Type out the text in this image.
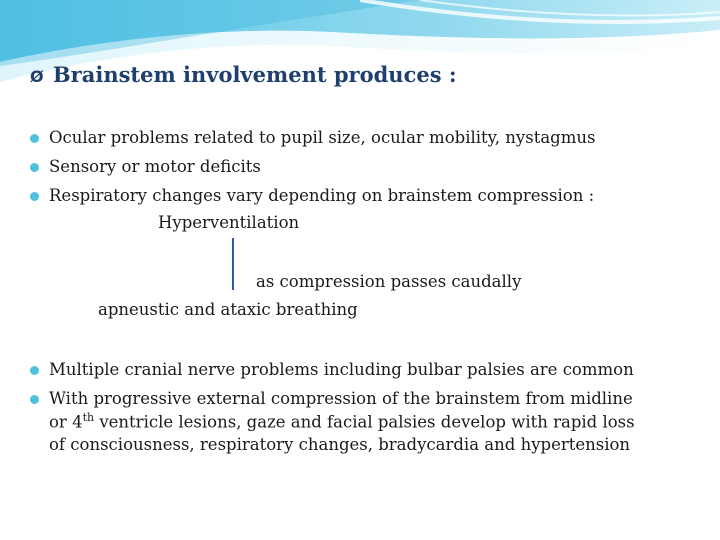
Ø Brainstem involvement produces :
Ocular problems related to pupil size, ocular mobility, nystagmus
Sensory or motor deficits
Respiratory changes vary depending on brainstem compression :
Hyperventilation
as compression passes caudally
apneustic and ataxic breathing
Multiple cranial nerve problems including bulbar palsies are common
With progressive external compression of the brainstem from midline
or 4th ventricle lesions, gaze and facial palsies develop with rapid loss
of consciousness, respiratory changes, bradycardia and hypertension
